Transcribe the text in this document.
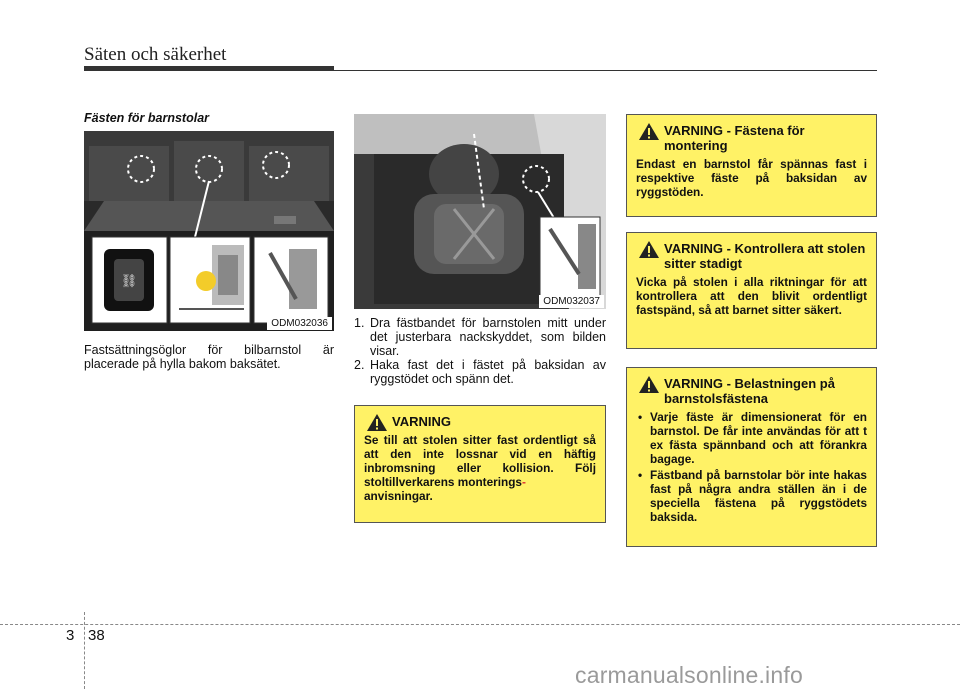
Säten och säkerhet
Fästen för barnstolar
⛓
ODM032036
Fastsättningsöglor för bilbarnstol är placerade på hylla bakom baksätet.
ODM032037
1. Dra fästbandet för barnstolen mitt under det justerbara nackskyddet, som bilden visar.
2. Haka fast det i fästet på baksidan av ryggstödet och spänn det.
VARNING
Se till att stolen sitter fast ordentligt så att den inte lossnar vid en häftig inbromsning eller kollision. Följ stoltillverkarens monterings-
anvisningar.
VARNING - Fästena för montering
Endast en barnstol får spännas fast i respektive fäste på baksidan av ryggstöden.
VARNING - Kontrollera att stolen sitter stadigt
Vicka på stolen i alla riktningar för att kontrollera att den blivit ordentligt fastspänd, så att barnet sitter säkert.
VARNING - Belastningen på barnstolsfästena
• Varje fäste är dimensionerat för en barnstol. De får inte användas för att t ex fästa spännband och att förankra bagage.
• Fästband på barnstolar bör inte hakas fast på några andra ställen än i de speciella fästena på ryggstödets baksida.
3 38
carmanualsonline.info
